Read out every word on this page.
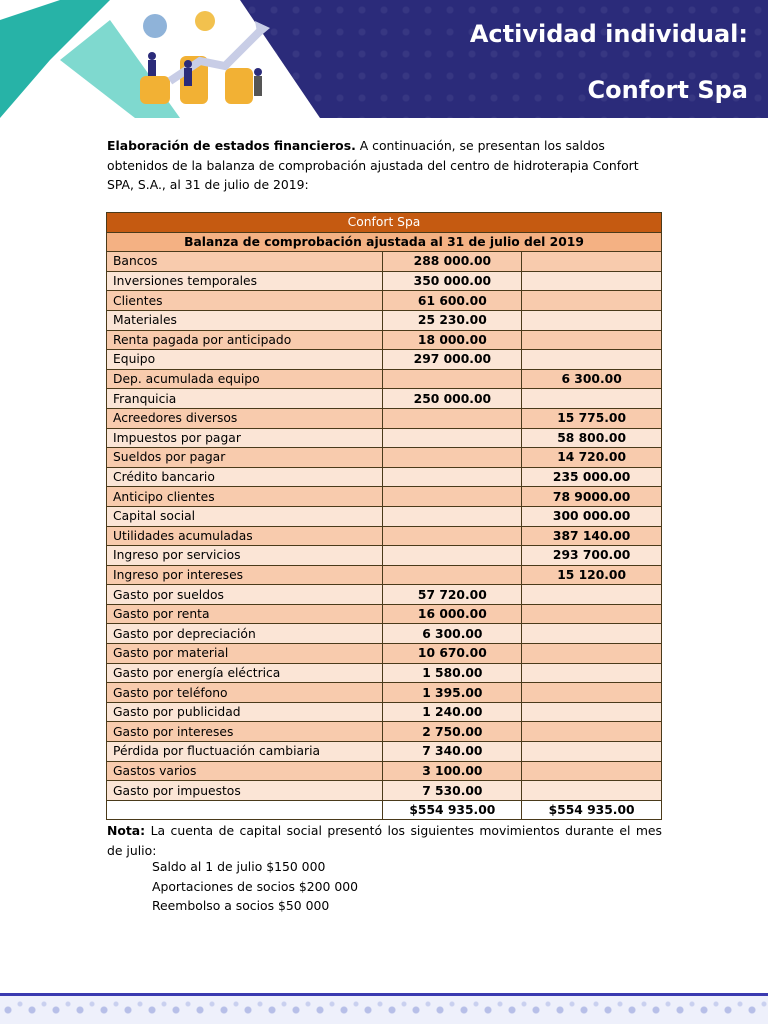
Actividad individual:
Confort Spa
Elaboración de estados financieros. A continuación, se presentan los saldos obtenidos de la balanza de comprobación ajustada del centro de hidroterapia Confort SPA, S.A., al 31 de julio de 2019:
Confort Spa		
Balanza de comprobación ajustada al 31 de julio del 2019		
Bancos	288 000.00	
Inversiones temporales	350 000.00	
Clientes	61 600.00	
Materiales	25 230.00	
Renta pagada por anticipado	18 000.00	
Equipo	297 000.00	
Dep. acumulada equipo		6 300.00
Franquicia	250 000.00	
Acreedores diversos		15 775.00
Impuestos por pagar		58 800.00
Sueldos por pagar		14 720.00
Crédito bancario		235 000.00
Anticipo clientes		78 9000.00
Capital social		300 000.00
Utilidades acumuladas		387 140.00
Ingreso por servicios		293 700.00
Ingreso por intereses		15 120.00
Gasto por sueldos	57 720.00	
Gasto por renta	16 000.00	
Gasto por depreciación	6 300.00	
Gasto por material	10 670.00	
Gasto por energía eléctrica	1 580.00	
Gasto por teléfono	1 395.00	
Gasto por publicidad	1 240.00	
Gasto por intereses	2 750.00	
Pérdida por fluctuación cambiaria	7 340.00	
Gastos varios	3 100.00	
Gasto por impuestos	7 530.00	
	$554 935.00	$554 935.00
Nota: La cuenta de capital social presentó los siguientes movimientos durante el mes de julio:
Saldo al 1 de julio $150 000
Aportaciones de socios $200 000
Reembolso a socios $50 000
